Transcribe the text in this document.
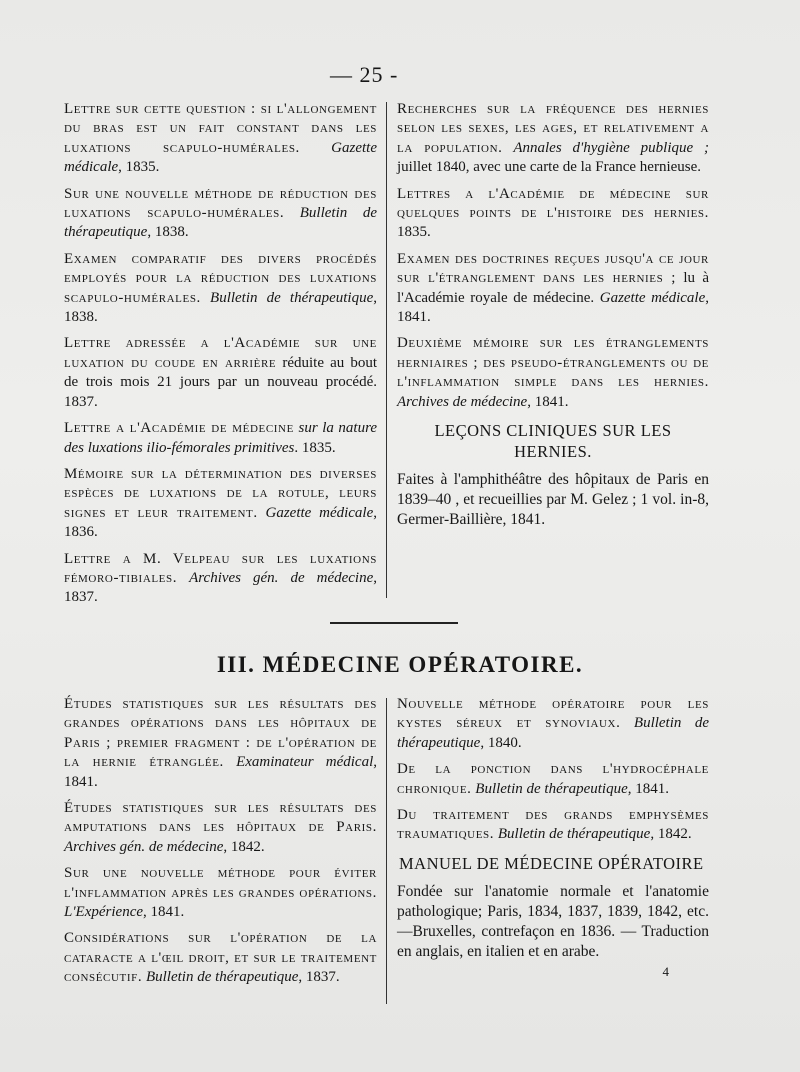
— 25 -

Lettre sur cette question : si l'allongement du bras est un fait constant dans les luxations scapulo-humérales. Gazette médicale, 1835.

Sur une nouvelle méthode de réduction des luxations scapulo-humérales. Bulletin de thérapeutique, 1838.

Examen comparatif des divers procédés employés pour la réduction des luxations scapulo-humérales. Bulletin de thérapeutique, 1838.

Lettre adressée a l'Académie sur une luxation du coude en arrière réduite au bout de trois mois 21 jours par un nouveau procédé. 1837.

Lettre a l'Académie de médecine sur la nature des luxations ilio-fémorales primitives. 1835.

Mémoire sur la détermination des diverses espèces de luxations de la rotule, leurs signes et leur traitement. Gazette médicale, 1836.

Lettre a M. Velpeau sur les luxations fémoro-tibiales. Archives gén. de médecine, 1837.

Recherches sur la fréquence des hernies selon les sexes, les ages, et relativement a la population. Annales d'hygiène publique ; juillet 1840, avec une carte de la France hernieuse.

Lettres a l'Académie de médecine sur quelques points de l'histoire des hernies. 1835.

Examen des doctrines reçues jusqu'a ce jour sur l'étranglement dans les hernies ; lu à l'Académie royale de médecine. Gazette médicale, 1841.

Deuxième mémoire sur les étranglements herniaires ; des pseudo-étranglements ou de l'inflammation simple dans les hernies. Archives de médecine, 1841.

LEÇONS CLINIQUES SUR LES HERNIES.

Faites à l'amphithéâtre des hôpitaux de Paris en 1839–40 , et recueillies par M. Gelez ; 1 vol. in-8, Germer-Baillière, 1841.

III. MÉDECINE OPÉRATOIRE.

Études statistiques sur les résultats des grandes opérations dans les hôpitaux de Paris ; premier fragment : de l'opération de la hernie étranglée. Examinateur médical, 1841.

Études statistiques sur les résultats des amputations dans les hôpitaux de Paris. Archives gén. de médecine, 1842.

Sur une nouvelle méthode pour éviter l'inflammation après les grandes opérations. L'Expérience, 1841.

Considérations sur l'opération de la cataracte a l'œil droit, et sur le traitement consécutif. Bulletin de thérapeutique, 1837.

Nouvelle méthode opératoire pour les kystes séreux et synoviaux. Bulletin de thérapeutique, 1840.

De la ponction dans l'hydrocéphale chronique. Bulletin de thérapeutique, 1841.

Du traitement des grands emphysèmes traumatiques. Bulletin de thérapeutique, 1842.

MANUEL DE MÉDECINE OPÉRATOIRE

Fondée sur l'anatomie normale et l'anatomie pathologique; Paris, 1834, 1837, 1839, 1842, etc.—Bruxelles, contrefaçon en 1836. — Traduction en anglais, en italien et en arabe.

4
